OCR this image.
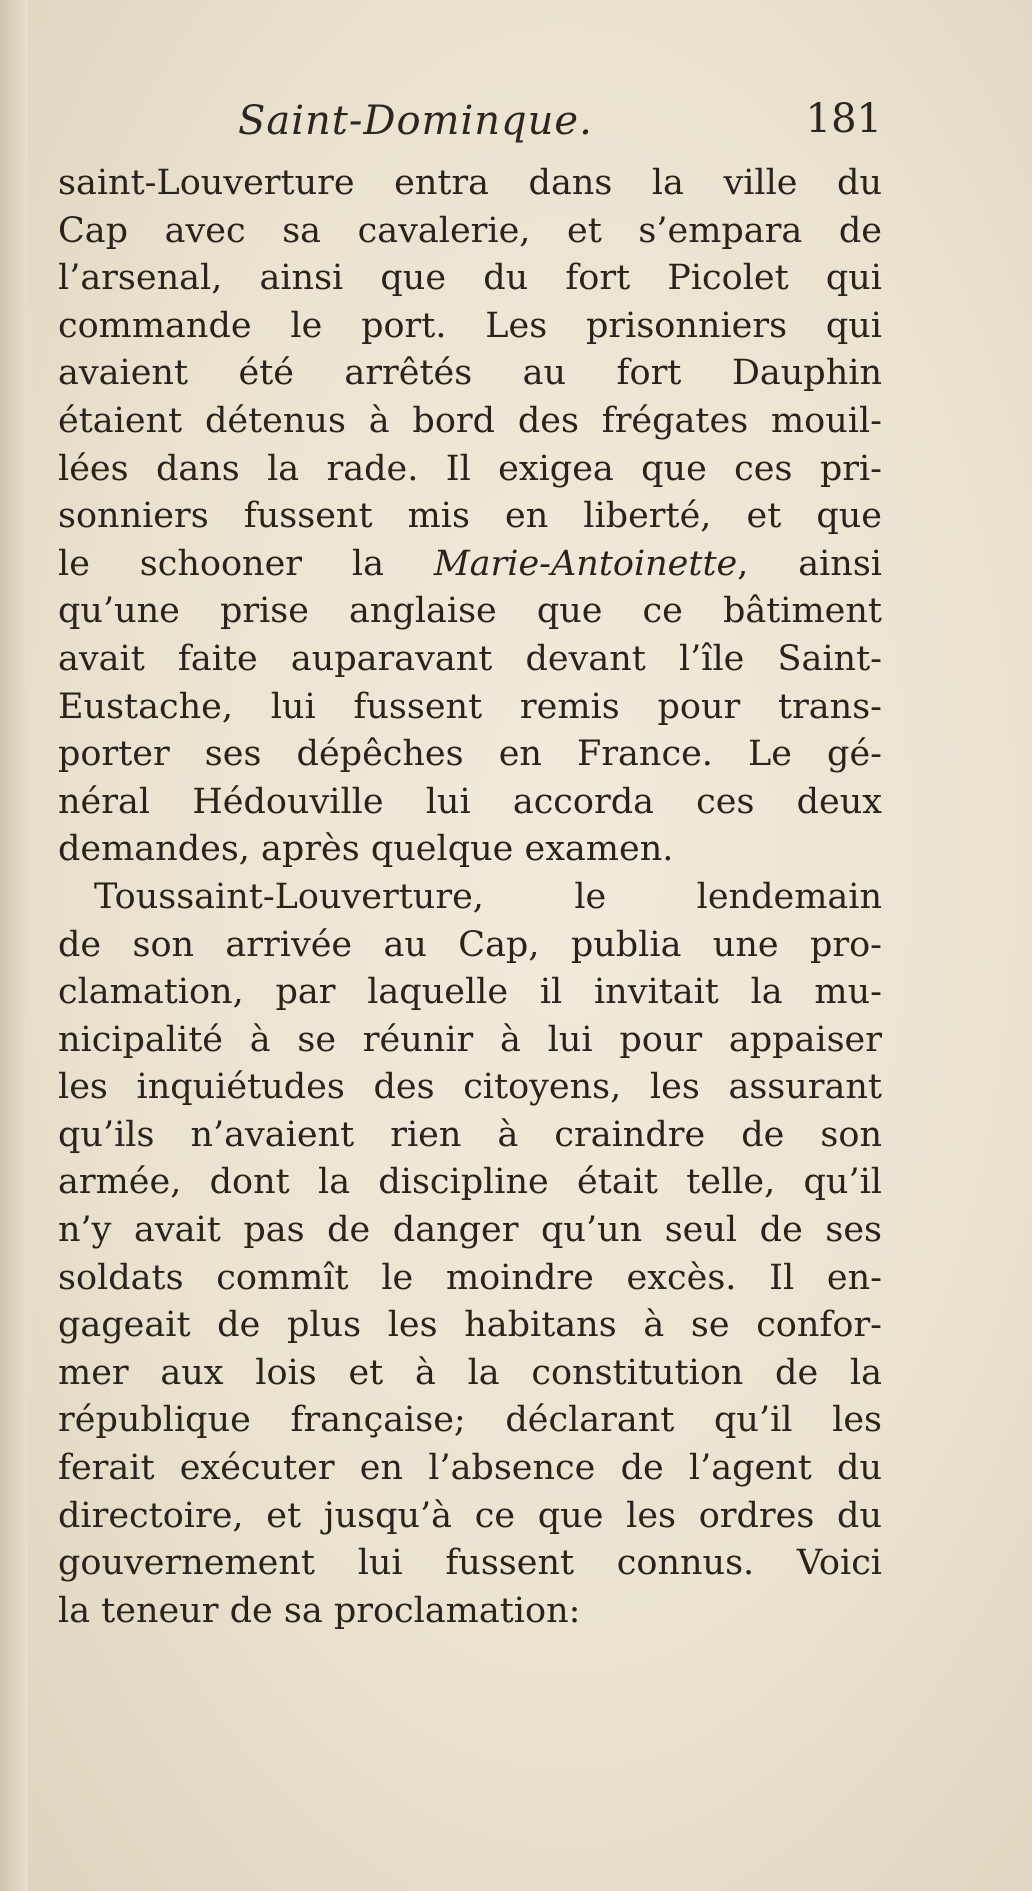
Saint-Dominque.	181
saint-Louverture entra dans la ville du
Cap avec sa cavalerie, et s’empara de
l’arsenal, ainsi que du fort Picolet qui
commande le port. Les prisonniers qui
avaient été arrêtés au fort Dauphin
étaient détenus à bord des frégates mouil-
lées dans la rade. Il exigea que ces pri-
sonniers fussent mis en liberté, et que
le schooner la Marie-Antoinette, ainsi
qu’une prise anglaise que ce bâtiment
avait faite auparavant devant l’île Saint-
Eustache, lui fussent remis pour trans-
porter ses dépêches en France. Le gé-
néral Hédouville lui accorda ces deux
demandes, après quelque examen.
Toussaint-Louverture, le lendemain
de son arrivée au Cap, publia une pro-
clamation, par laquelle il invitait la mu-
nicipalité à se réunir à lui pour appaiser
les inquiétudes des citoyens, les assurant
qu’ils n’avaient rien à craindre de son
armée, dont la discipline était telle, qu’il
n’y avait pas de danger qu’un seul de ses
soldats commît le moindre excès. Il en-
gageait de plus les habitans à se confor-
mer aux lois et à la constitution de la
république française; déclarant qu’il les
ferait exécuter en l’absence de l’agent du
directoire, et jusqu’à ce que les ordres du
gouvernement lui fussent connus. Voici
la teneur de sa proclamation:
